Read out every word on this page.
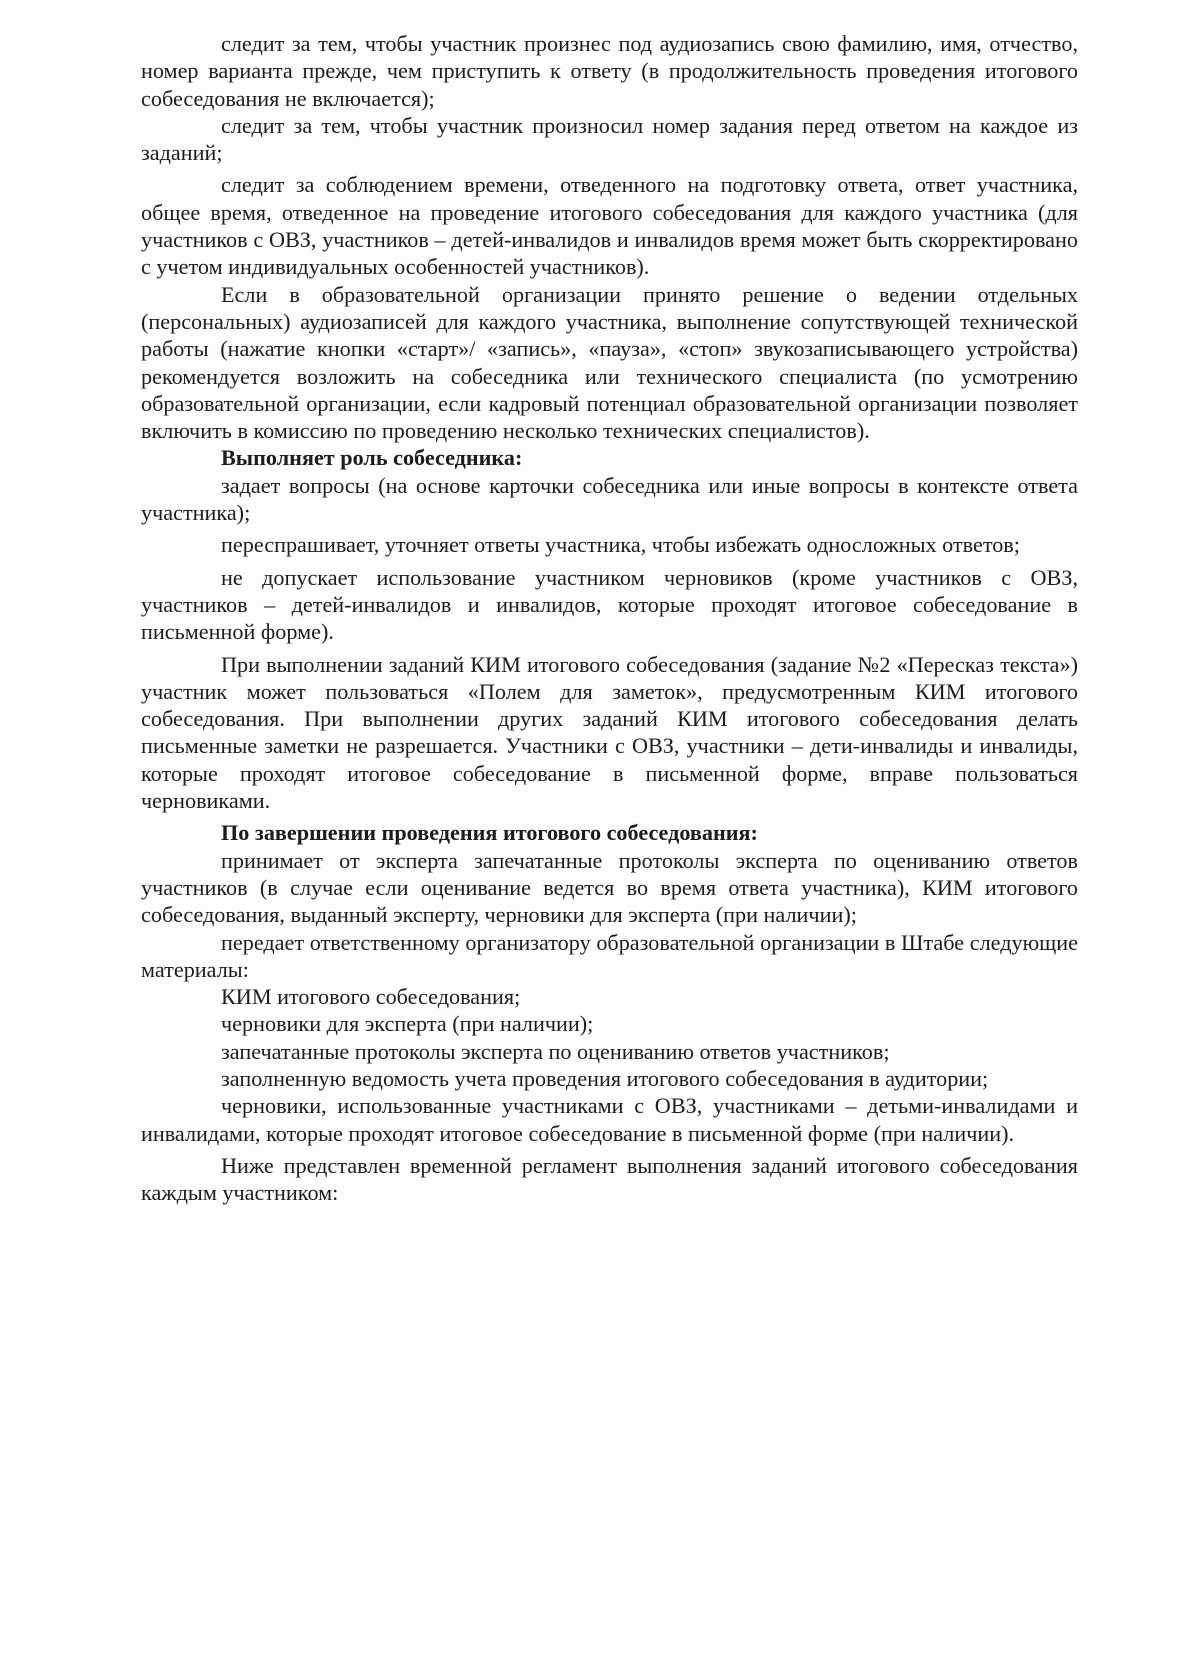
следит за тем, чтобы участник произнес под аудиозапись свою фамилию, имя, отчество, номер варианта прежде, чем приступить к ответу (в продолжительность проведения итогового собеседования не включается);

следит за тем, чтобы участник произносил номер задания перед ответом на каждое из заданий;

следит за соблюдением времени, отведенного на подготовку ответа, ответ участника, общее время, отведенное на проведение итогового собеседования для каждого участника (для участников с ОВЗ, участников – детей-инвалидов и инвалидов время может быть скорректировано с учетом индивидуальных особенностей участников).

Если в образовательной организации принято решение о ведении отдельных (персональных) аудиозаписей для каждого участника, выполнение сопутствующей технической работы (нажатие кнопки «старт»/ «запись», «пауза», «стоп» звукозаписывающего устройства) рекомендуется возложить на собеседника или технического специалиста (по усмотрению образовательной организации, если кадровый потенциал образовательной организации позволяет включить в комиссию по проведению несколько технических специалистов).

Выполняет роль собеседника:

задает вопросы (на основе карточки собеседника или иные вопросы в контексте ответа участника);

переспрашивает, уточняет ответы участника, чтобы избежать односложных ответов;

не допускает использование участником черновиков (кроме участников с ОВЗ, участников – детей-инвалидов и инвалидов, которые проходят итоговое собеседование в письменной форме).

При выполнении заданий КИМ итогового собеседования (задание №2 «Пересказ текста») участник может пользоваться «Полем для заметок», предусмотренным КИМ итогового собеседования. При выполнении других заданий КИМ итогового собеседования делать письменные заметки не разрешается. Участники с ОВЗ, участники – дети-инвалиды и инвалиды, которые проходят итоговое собеседование в письменной форме, вправе пользоваться черновиками.

По завершении проведения итогового собеседования:

принимает от эксперта запечатанные протоколы эксперта по оцениванию ответов участников (в случае если оценивание ведется во время ответа участника), КИМ итогового собеседования, выданный эксперту, черновики для эксперта (при наличии);

передает ответственному организатору образовательной организации в Штабе следующие материалы:

КИМ итогового собеседования;

черновики для эксперта (при наличии);

запечатанные протоколы эксперта по оцениванию ответов участников;

заполненную ведомость учета проведения итогового собеседования в аудитории;

черновики, использованные участниками с ОВЗ, участниками – детьми-инвалидами и инвалидами, которые проходят итоговое собеседование в письменной форме (при наличии).

Ниже представлен временной регламент выполнения заданий итогового собеседования каждым участником:
